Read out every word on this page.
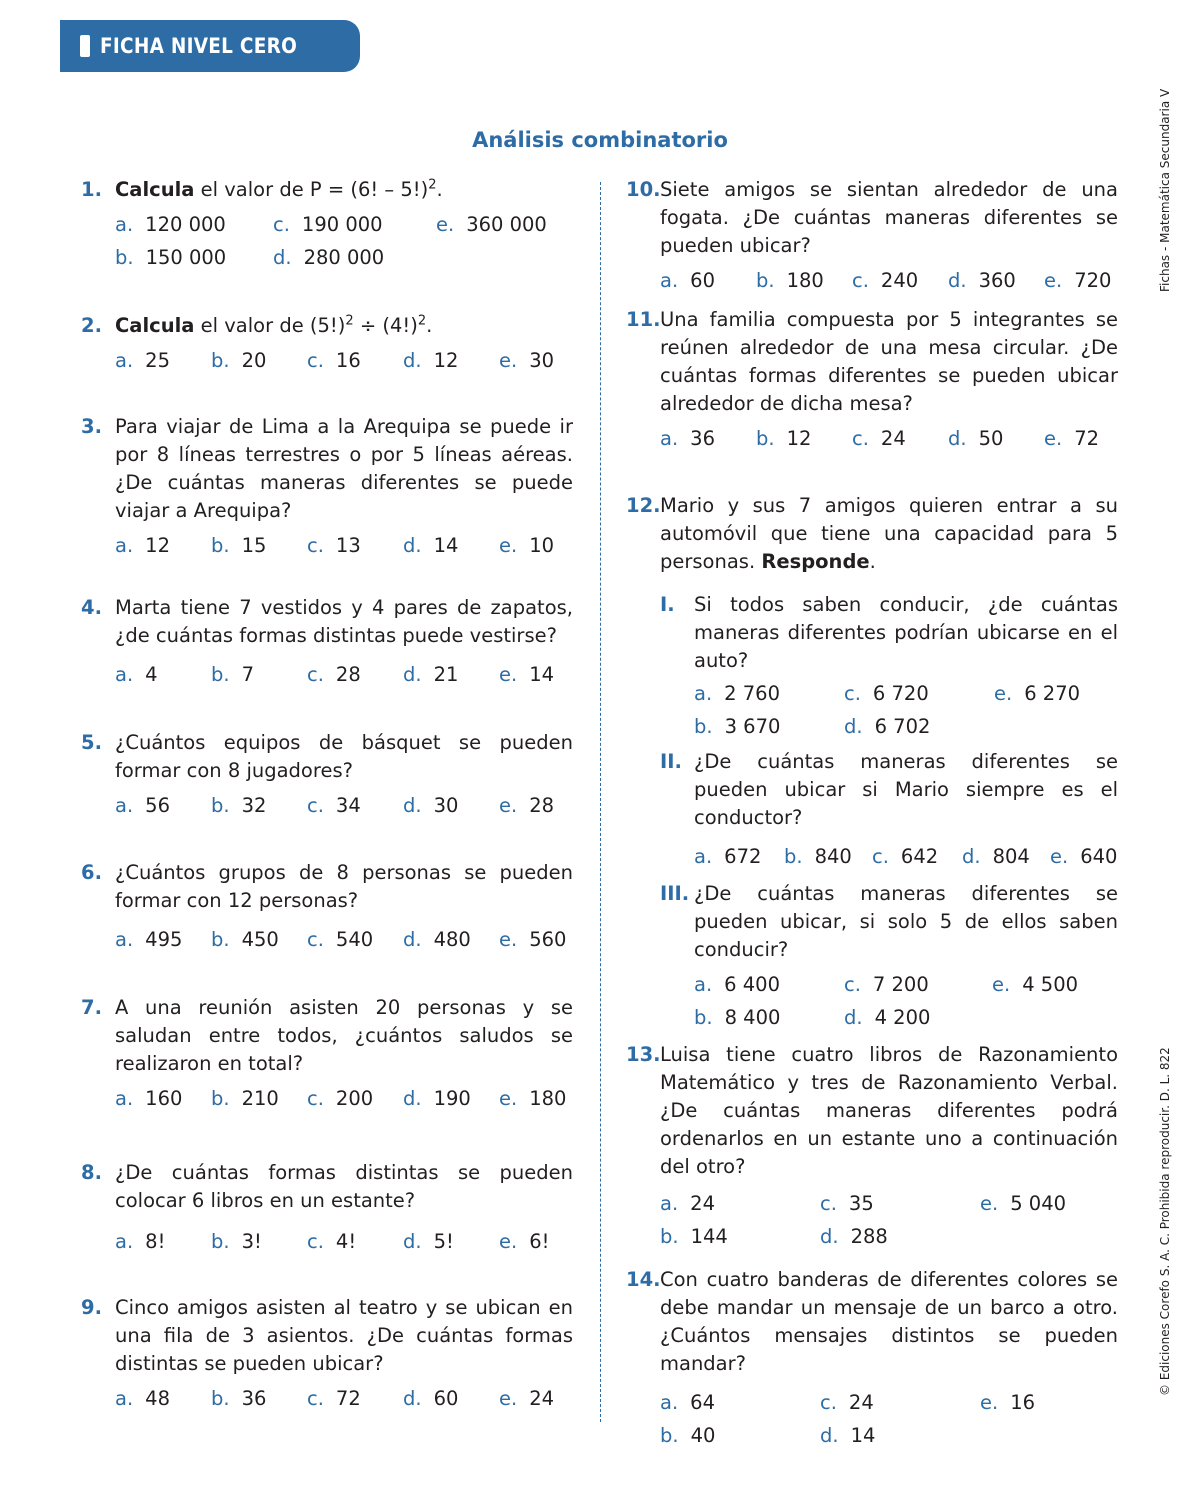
FICHA NIVEL CERO
Fichas - Matemática Secundaria V
© Ediciones Corefo S. A. C. Prohibida reproducir. D. L. 822
Análisis combinatorio
1. Calcula el valor de P = (6! – 5!)$^2$.
a. 120 000 c. 190 000	e. 360 000
b. 150 000 d. 280 000
2. Calcula el valor de $(5!)^2 \div (4!)^2$.
a. 25 b. 20 c. 16 d. 12 e. 30
3. Para viajar de Lima a la Arequipa se puede ir por 8 líneas terrestres o por 5 líneas aéreas. ¿De cuántas maneras diferentes se puede viajar a Arequipa?
a. 12 b. 15 c. 13 d. 14 e. 10
4. Marta tiene 7 vestidos y 4 pares de zapatos, ¿de cuántas formas distintas puede vestirse?
a. 4	b. 7	c. 28 d. 21 e. 14
5. ¿Cuántos equipos de básquet se pueden formar con 8 jugadores?
a. 56 b. 32 c. 34 d. 30 e. 28
6. ¿Cuántos grupos de 8 personas se pueden formar con 12 personas?
a. 495 b. 450 c. 540 d. 480 e. 560
7. A una reunión asisten 20 personas y se saludan entre todos, ¿cuántos saludos se realizaron en total?
a. 160 b. 210 c. 200 d. 190 e. 180
8. ¿De cuántas formas distintas se pueden colocar 6 libros en un estante?
a. 8! b. 3! c. 4! d. 5! e. 6!
9. Cinco amigos asisten al teatro y se ubican en una fila de 3 asientos. ¿De cuántas formas distintas se pueden ubicar?
a. 48 b. 36 c. 72 d. 60 e. 24
10. Siete amigos se sientan alrededor de una fogata. ¿De cuántas maneras diferentes se pueden ubicar?
a. 60 b. 180 c. 240 d. 360 e. 720
11. Una familia compuesta por 5 integrantes se reúnen alrededor de una mesa circular. ¿De cuántas formas diferentes se pueden ubicar alrededor de dicha mesa?
a. 36 b. 12 c. 24 d. 50 e. 72
12. Mario y sus 7 amigos quieren entrar a su automóvil que tiene una capacidad para 5 personas. Responde.
I. Si todos saben conducir, ¿de cuántas maneras diferentes podrían ubicarse en el auto?
a. 2 760	c. 6 720	e. 6 270
b. 3 670	d. 6 702
II. ¿De cuántas maneras diferentes se pueden ubicar si Mario siempre es el conductor?
a. 672 b. 840 c. 642 d. 804 e. 640
III. ¿De cuántas maneras diferentes se pueden ubicar, si solo 5 de ellos saben conducir?
a. 6 400	c. 7 200	e. 4 500
b. 8 400	d. 4 200
13. Luisa tiene cuatro libros de Razonamiento Matemático y tres de Razonamiento Verbal. ¿De cuántas maneras diferentes podrá ordenarlos en un estante uno a continuación del otro?
a. 24	c. 35	e. 5 040
b. 144	d. 288
14. Con cuatro banderas de diferentes colores se debe mandar un mensaje de un barco a otro. ¿Cuántos mensajes distintos se pueden mandar?
a. 64	c. 24	e. 16
b. 40	d. 14
